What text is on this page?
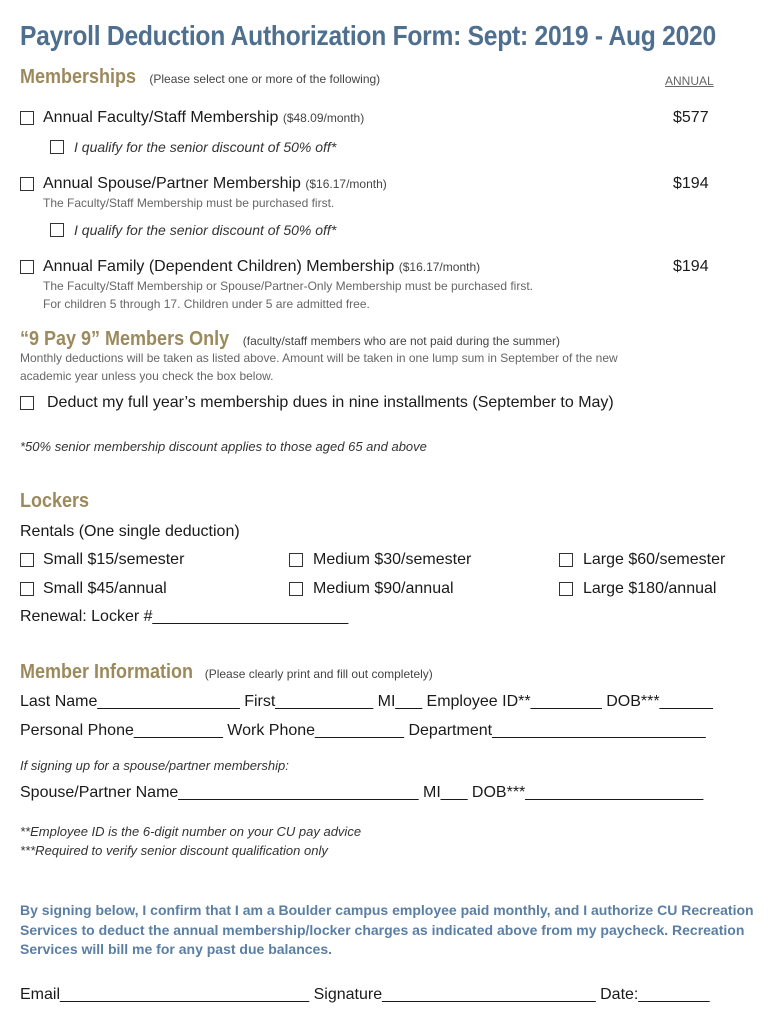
Payroll Deduction Authorization Form: Sept: 2019 - Aug 2020
Memberships (Please select one or more of the following)	ANNUAL
Annual Faculty/Staff Membership ($48.09/month)	$577
I qualify for the senior discount of 50% off*
Annual Spouse/Partner Membership ($16.17/month)	$194
The Faculty/Staff Membership must be purchased first.
I qualify for the senior discount of 50% off*
Annual Family (Dependent Children) Membership ($16.17/month)	$194
The Faculty/Staff Membership or Spouse/Partner-Only Membership must be purchased first.
For children 5 through 17. Children under 5 are admitted free.
“9 Pay 9” Members Only (faculty/staff members who are not paid during the summer)
Monthly deductions will be taken as listed above. Amount will be taken in one lump sum in September of the new
academic year unless you check the box below.
Deduct my full year’s membership dues in nine installments (September to May)
*50% senior membership discount applies to those aged 65 and above
Lockers
Rentals (One single deduction)
Small $15/semester	Medium $30/semester	Large $60/semester
Small $45/annual	Medium $90/annual	Large $180/annual
Renewal: Locker #______________________
Member Information (Please clearly print and fill out completely)
Last Name________________ First___________ MI___ Employee ID**________ DOB***______
Personal Phone__________ Work Phone__________ Department________________________
If signing up for a spouse/partner membership:
Spouse/Partner Name___________________________ MI___ DOB***____________________
**Employee ID is the 6-digit number on your CU pay advice
***Required to verify senior discount qualification only
By signing below, I confirm that I am a Boulder campus employee paid monthly, and I authorize CU Recreation Services to deduct the annual membership/locker charges as indicated above from my paycheck. Recreation Services will bill me for any past due balances.
Email____________________________ Signature________________________ Date:________
